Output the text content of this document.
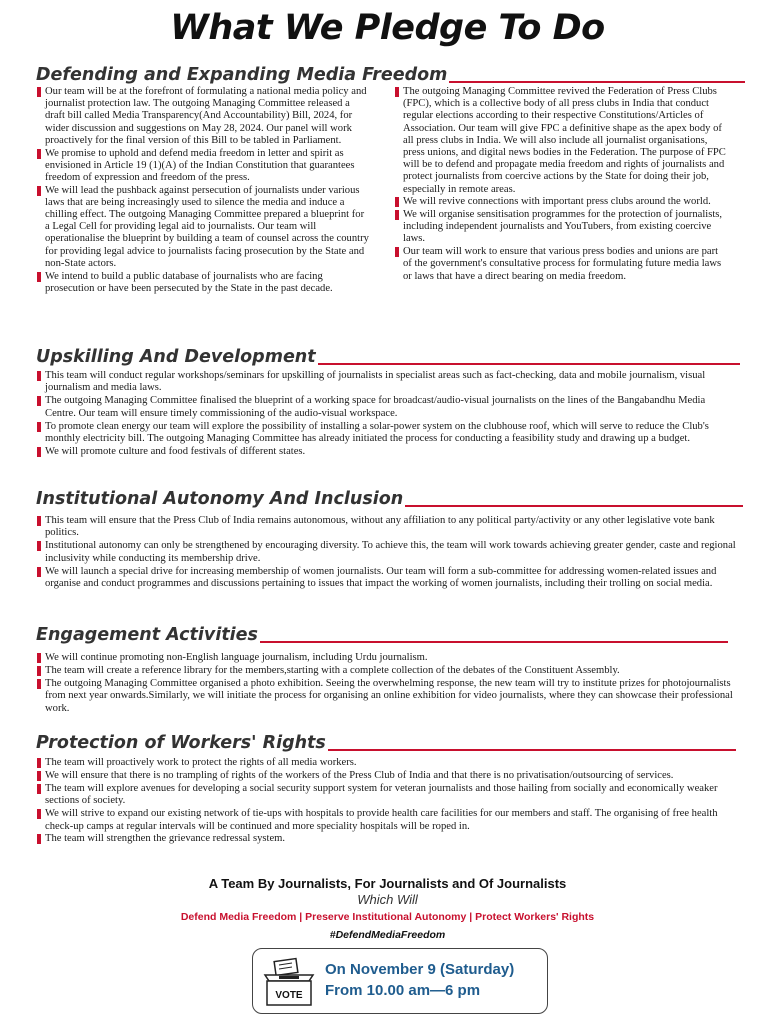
What We Pledge To Do
Defending and Expanding Media Freedom
Our team will be at the forefront of formulating a national media policy and journalist protection law. The outgoing Managing Committee released a draft bill called Media Transparency(And Accountability) Bill, 2024, for wider discussion and suggestions on May 28, 2024. Our panel will work proactively for the final version of this Bill to be tabled in Parliament.
We promise to uphold and defend media freedom in letter and spirit as envisioned in Article 19 (1)(A) of the Indian Constitution that guarantees freedom of expression and freedom of the press.
We will lead the pushback against persecution of journalists under various laws that are being increasingly used to silence the media and induce a chilling effect. The outgoing Managing Committee prepared a blueprint for a Legal Cell for providing legal aid to journalists. Our team will operationalise the blueprint by building a team of counsel across the country for providing legal advice to journalists facing prosecution by the State and non-State actors.
We intend to build a public database of journalists who are facing prosecution or have been persecuted by the State in the past decade.
The outgoing Managing Committee revived the Federation of Press Clubs (FPC), which is a collective body of all press clubs in India that conduct regular elections according to their respective Constitutions/Articles of Association. Our team will give FPC a definitive shape as the apex body of all press clubs in India. We will also include all journalist organisations, press unions, and digital news bodies in the Federation. The purpose of FPC will be to defend and propagate media freedom and rights of journalists and protect journalists from coercive actions by the State for doing their job, especially in remote areas.
We will revive connections with important press clubs around the world.
We will organise sensitisation programmes for the protection of journalists, including independent journalists and YouTubers, from existing coercive laws.
Our team will work to ensure that various press bodies and unions are part of the government's consultative process for formulating future media laws or laws that have a direct bearing on media freedom.
Upskilling And Development
This team will conduct regular workshops/seminars for upskilling of journalists in specialist areas such as fact-checking, data and mobile journalism, visual journalism and media laws.
The outgoing Managing Committee finalised the blueprint of a working space for broadcast/audio-visual journalists on the lines of the Bangabandhu Media Centre. Our team will ensure timely commissioning of the audio-visual workspace.
To promote clean energy our team will explore the possibility of installing a solar-power system on the clubhouse roof, which will serve to reduce the Club's monthly electricity bill. The outgoing Managing Committee has already initiated the process for conducting a feasibility study and drawing up a budget.
We will promote culture and food festivals of different states.
Institutional Autonomy And Inclusion
This team will ensure that the Press Club of India remains autonomous, without any affiliation to any political party/activity or any other legislative vote bank politics.
Institutional autonomy can only be strengthened by encouraging diversity. To achieve this, the team will work towards achieving greater gender, caste and regional inclusivity while conducting its membership drive.
We will launch a special drive for increasing membership of women journalists. Our team will form a sub-committee for addressing women-related issues and organise and conduct programmes and discussions pertaining to issues that impact the working of women journalists, including their trolling on social media.
Engagement Activities
We will continue promoting non-English language journalism, including Urdu journalism.
The team will create a reference library for the members,starting with a complete collection of the debates of the Constituent Assembly.
The outgoing Managing Committee organised a photo exhibition. Seeing the overwhelming response, the new team will try to institute prizes for photojournalists from next year onwards.Similarly, we will initiate the process for organising an online exhibition for video journalists, where they can showcase their professional work.
Protection of Workers' Rights
The team will proactively work to protect the rights of all media workers.
We will ensure that there is no trampling of rights of the workers of the Press Club of India and that there is no privatisation/outsourcing of services.
The team will explore avenues for developing a social security support system for veteran journalists and those hailing from socially and economically weaker sections of society.
We will strive to expand our existing network of tie-ups with hospitals to provide health care facilities for our members and staff. The organising of free health check-up camps at regular intervals will be continued and more speciality hospitals will be roped in.
The team will strengthen the grievance redressal system.
A Team By Journalists, For Journalists and Of Journalists
Which Will
Defend Media Freedom | Preserve Institutional Autonomy | Protect Workers' Rights
#DefendMediaFreedom
VOTE
On November 9 (Saturday)
From 10.00 am—6 pm
